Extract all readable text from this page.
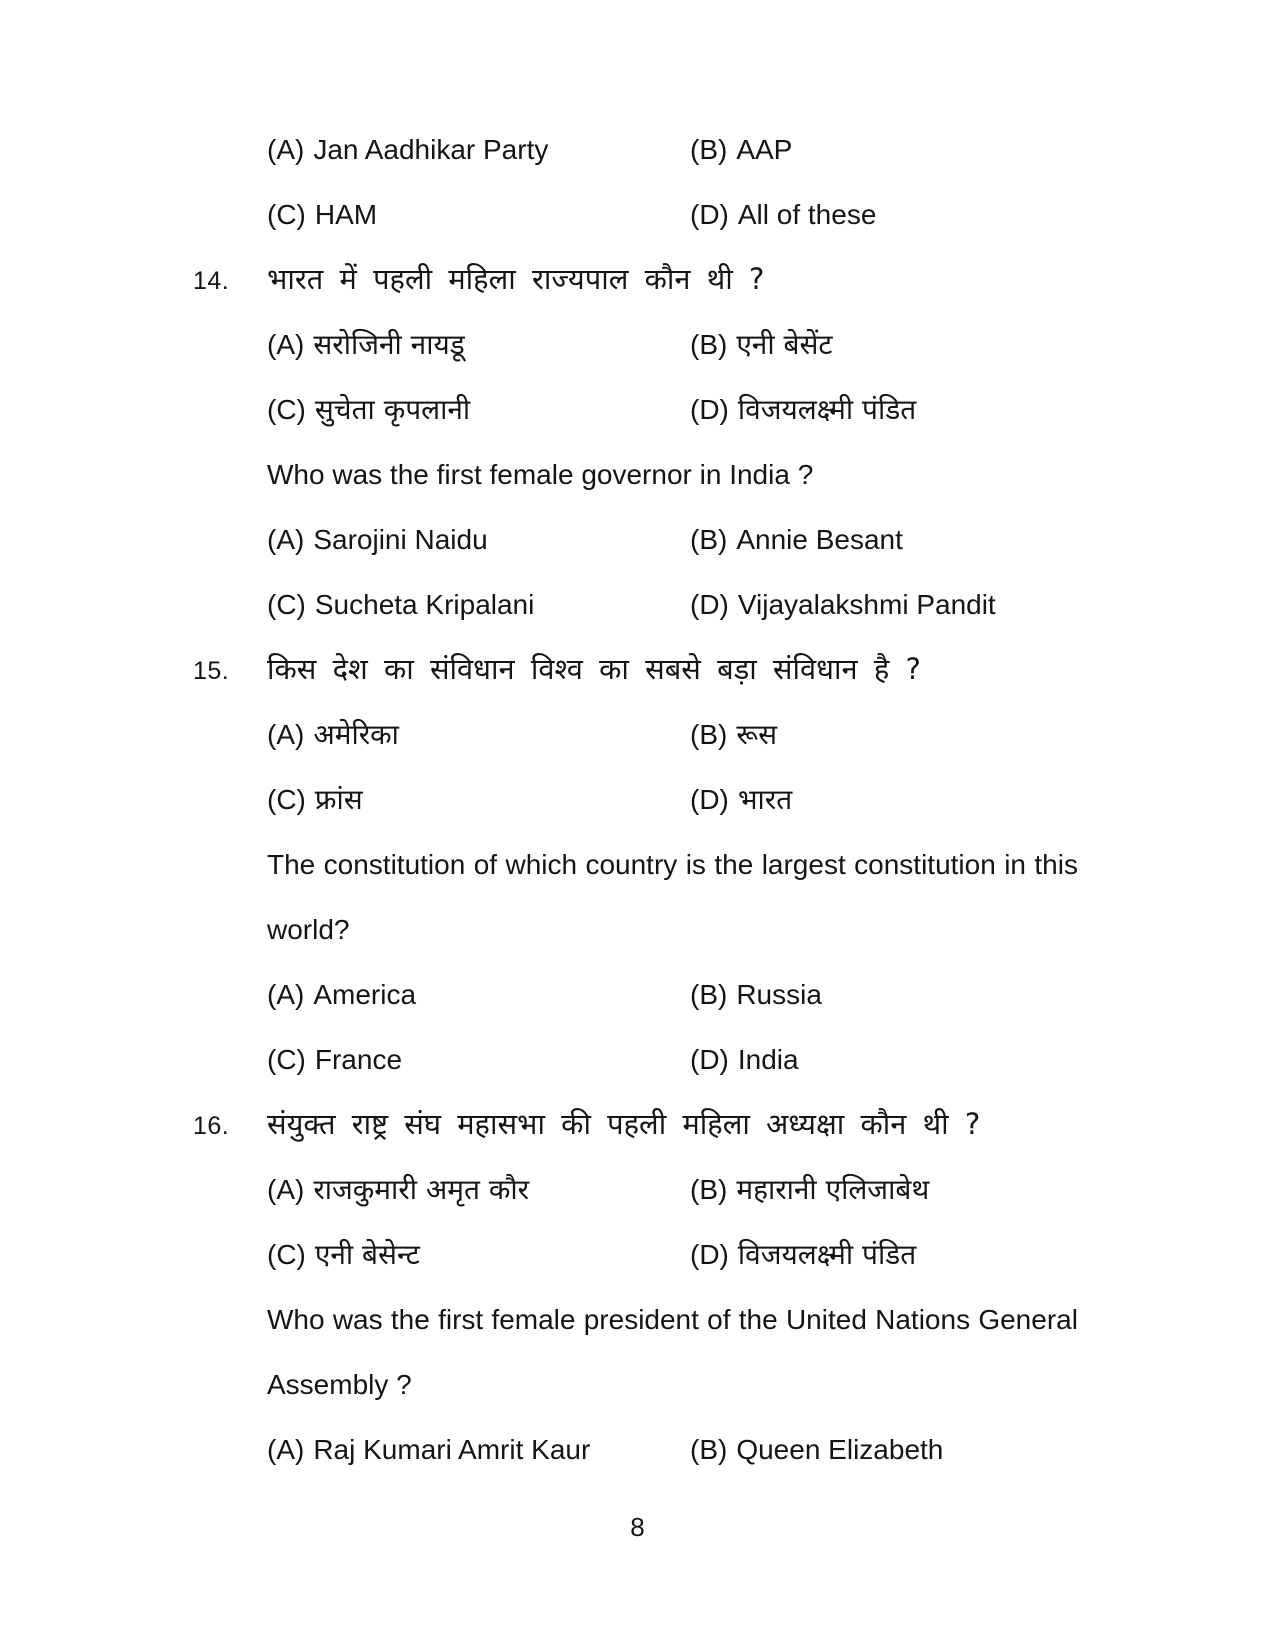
(A) Jan Aadhikar Party	(B) AAP
(C) HAM	(D) All of these
14. भारत में पहली महिला राज्यपाल कौन थी ?
(A) सरोजिनी नायडू	(B) एनी बेसेंट
(C) सुचेता कृपलानी	(D) विजयलक्ष्मी पंडित
Who was the first female governor in India ?
(A) Sarojini Naidu	(B) Annie Besant
(C) Sucheta Kripalani	(D) Vijayalakshmi Pandit
15. किस देश का संविधान विश्व का सबसे बड़ा संविधान है ?
(A) अमेरिका	(B) रूस
(C) फ्रांस	(D) भारत
The constitution of which country is the largest constitution in this
world?
(A) America	(B) Russia
(C) France	(D) India
16. संयुक्त राष्ट्र संघ महासभा की पहली महिला अध्यक्षा कौन थी ?
(A) राजकुमारी अमृत कौर	(B) महारानी एलिजाबेथ
(C) एनी बेसेन्ट	(D) विजयलक्ष्मी पंडित
Who was the first female president of the United Nations General
Assembly ?
(A) Raj Kumari Amrit Kaur	(B) Queen Elizabeth
8
